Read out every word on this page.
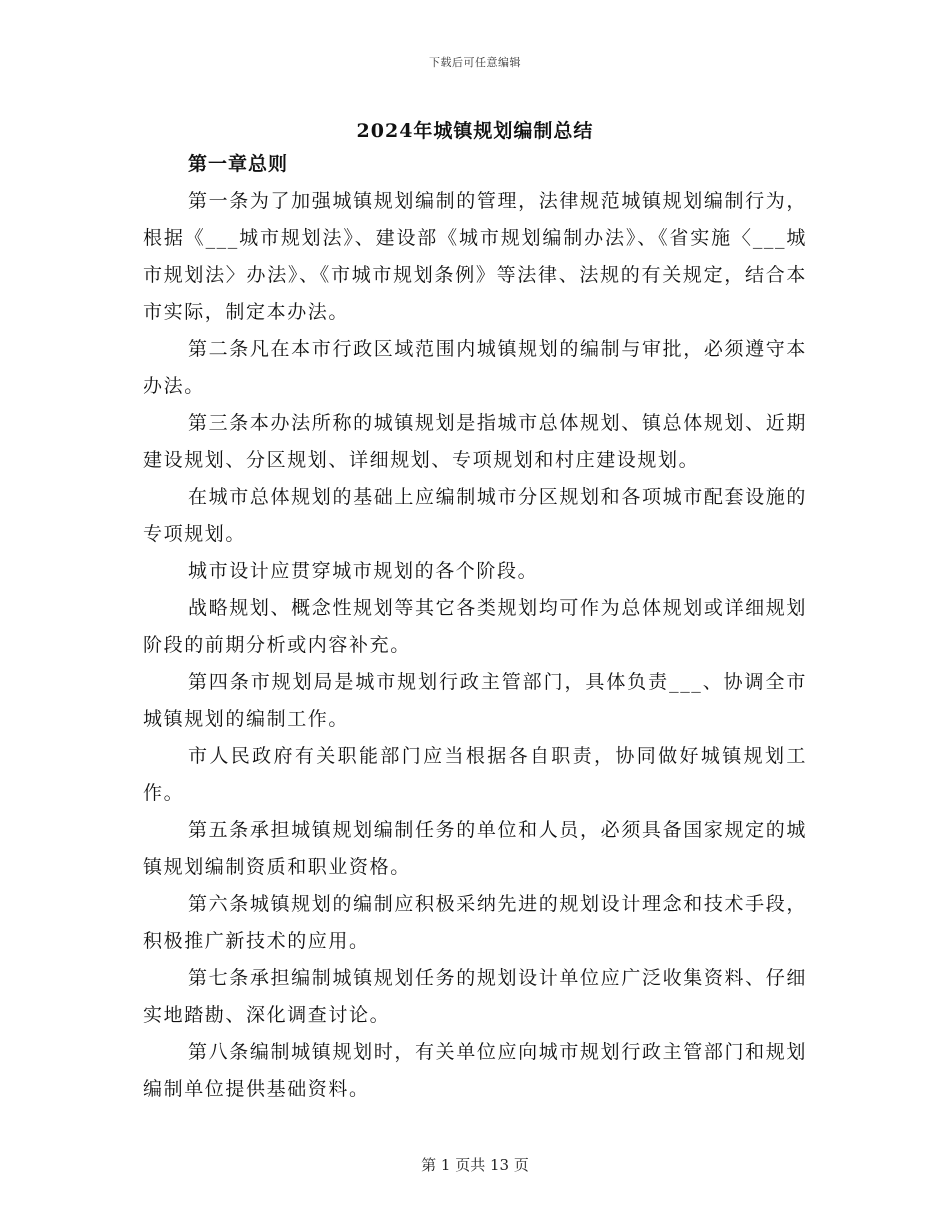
下载后可任意编辑
2024年城镇规划编制总结

第一章总则

第一条为了加强城镇规划编制的管理，法律规范城镇规划编制行为，根据《___城市规划法》、建设部《城市规划编制办法》、《省实施〈___城市规划法〉办法》、《市城市规划条例》等法律、法规的有关规定，结合本市实际，制定本办法。

第二条凡在本市行政区域范围内城镇规划的编制与审批，必须遵守本办法。

第三条本办法所称的城镇规划是指城市总体规划、镇总体规划、近期建设规划、分区规划、详细规划、专项规划和村庄建设规划。

在城市总体规划的基础上应编制城市分区规划和各项城市配套设施的专项规划。

城市设计应贯穿城市规划的各个阶段。

战略规划、概念性规划等其它各类规划均可作为总体规划或详细规划阶段的前期分析或内容补充。

第四条市规划局是城市规划行政主管部门，具体负责___、协调全市城镇规划的编制工作。

市人民政府有关职能部门应当根据各自职责，协同做好城镇规划工作。

第五条承担城镇规划编制任务的单位和人员，必须具备国家规定的城镇规划编制资质和职业资格。

第六条城镇规划的编制应积极采纳先进的规划设计理念和技术手段，积极推广新技术的应用。

第七条承担编制城镇规划任务的规划设计单位应广泛收集资料、仔细实地踏勘、深化调查讨论。

第八条编制城镇规划时，有关单位应向城市规划行政主管部门和规划编制单位提供基础资料。

第 1 页共 13 页
